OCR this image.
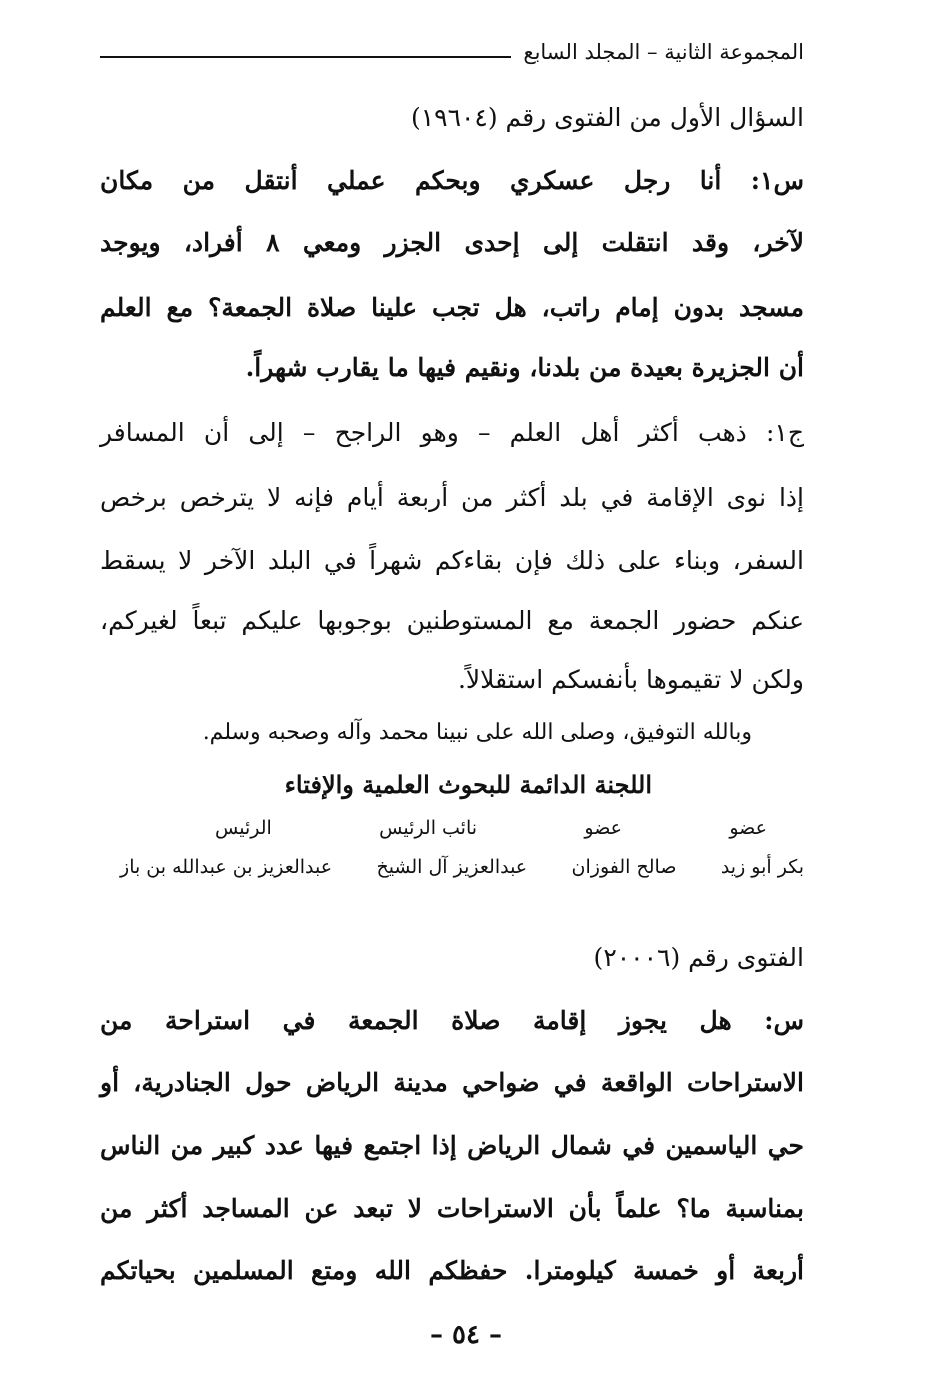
المجموعة الثانية – المجلد السابع
السؤال الأول من الفتوى رقم (١٩٦٠٤)
س١: أنا رجل عسكري وبحكم عملي أنتقل من مكان
لآخر، وقد انتقلت إلى إحدى الجزر ومعي ٨ أفراد، ويوجد
مسجد بدون إمام راتب، هل تجب علينا صلاة الجمعة؟ مع العلم
أن الجزيرة بعيدة من بلدنا، ونقيم فيها ما يقارب شهراً.
ج١: ذهب أكثر أهل العلم – وهو الراجح – إلى أن المسافر
إذا نوى الإقامة في بلد أكثر من أربعة أيام فإنه لا يترخص برخص
السفر، وبناء على ذلك فإن بقاءكم شهراً في البلد الآخر لا يسقط
عنكم حضور الجمعة مع المستوطنين بوجوبها عليكم تبعاً لغيركم،
ولكن لا تقيموها بأنفسكم استقلالاً.
وبالله التوفيق، وصلى الله على نبينا محمد وآله وصحبه وسلم.
اللجنة الدائمة للبحوث العلمية والإفتاء
عضو
عضو
نائب الرئيس
الرئيس
بكر أبو زيد
صالح الفوزان
عبدالعزيز آل الشيخ
عبدالعزيز بن عبدالله بن باز
الفتوى رقم (٢٠٠٠٦)
س: هل يجوز إقامة صلاة الجمعة في استراحة من
الاستراحات الواقعة في ضواحي مدينة الرياض حول الجنادرية، أو
حي الياسمين في شمال الرياض إذا اجتمع فيها عدد كبير من الناس
بمناسبة ما؟ علماً بأن الاستراحات لا تبعد عن المساجد أكثر من
أربعة أو خمسة كيلومترا. حفظكم الله ومتع المسلمين بحياتكم
– ٥٤ –
